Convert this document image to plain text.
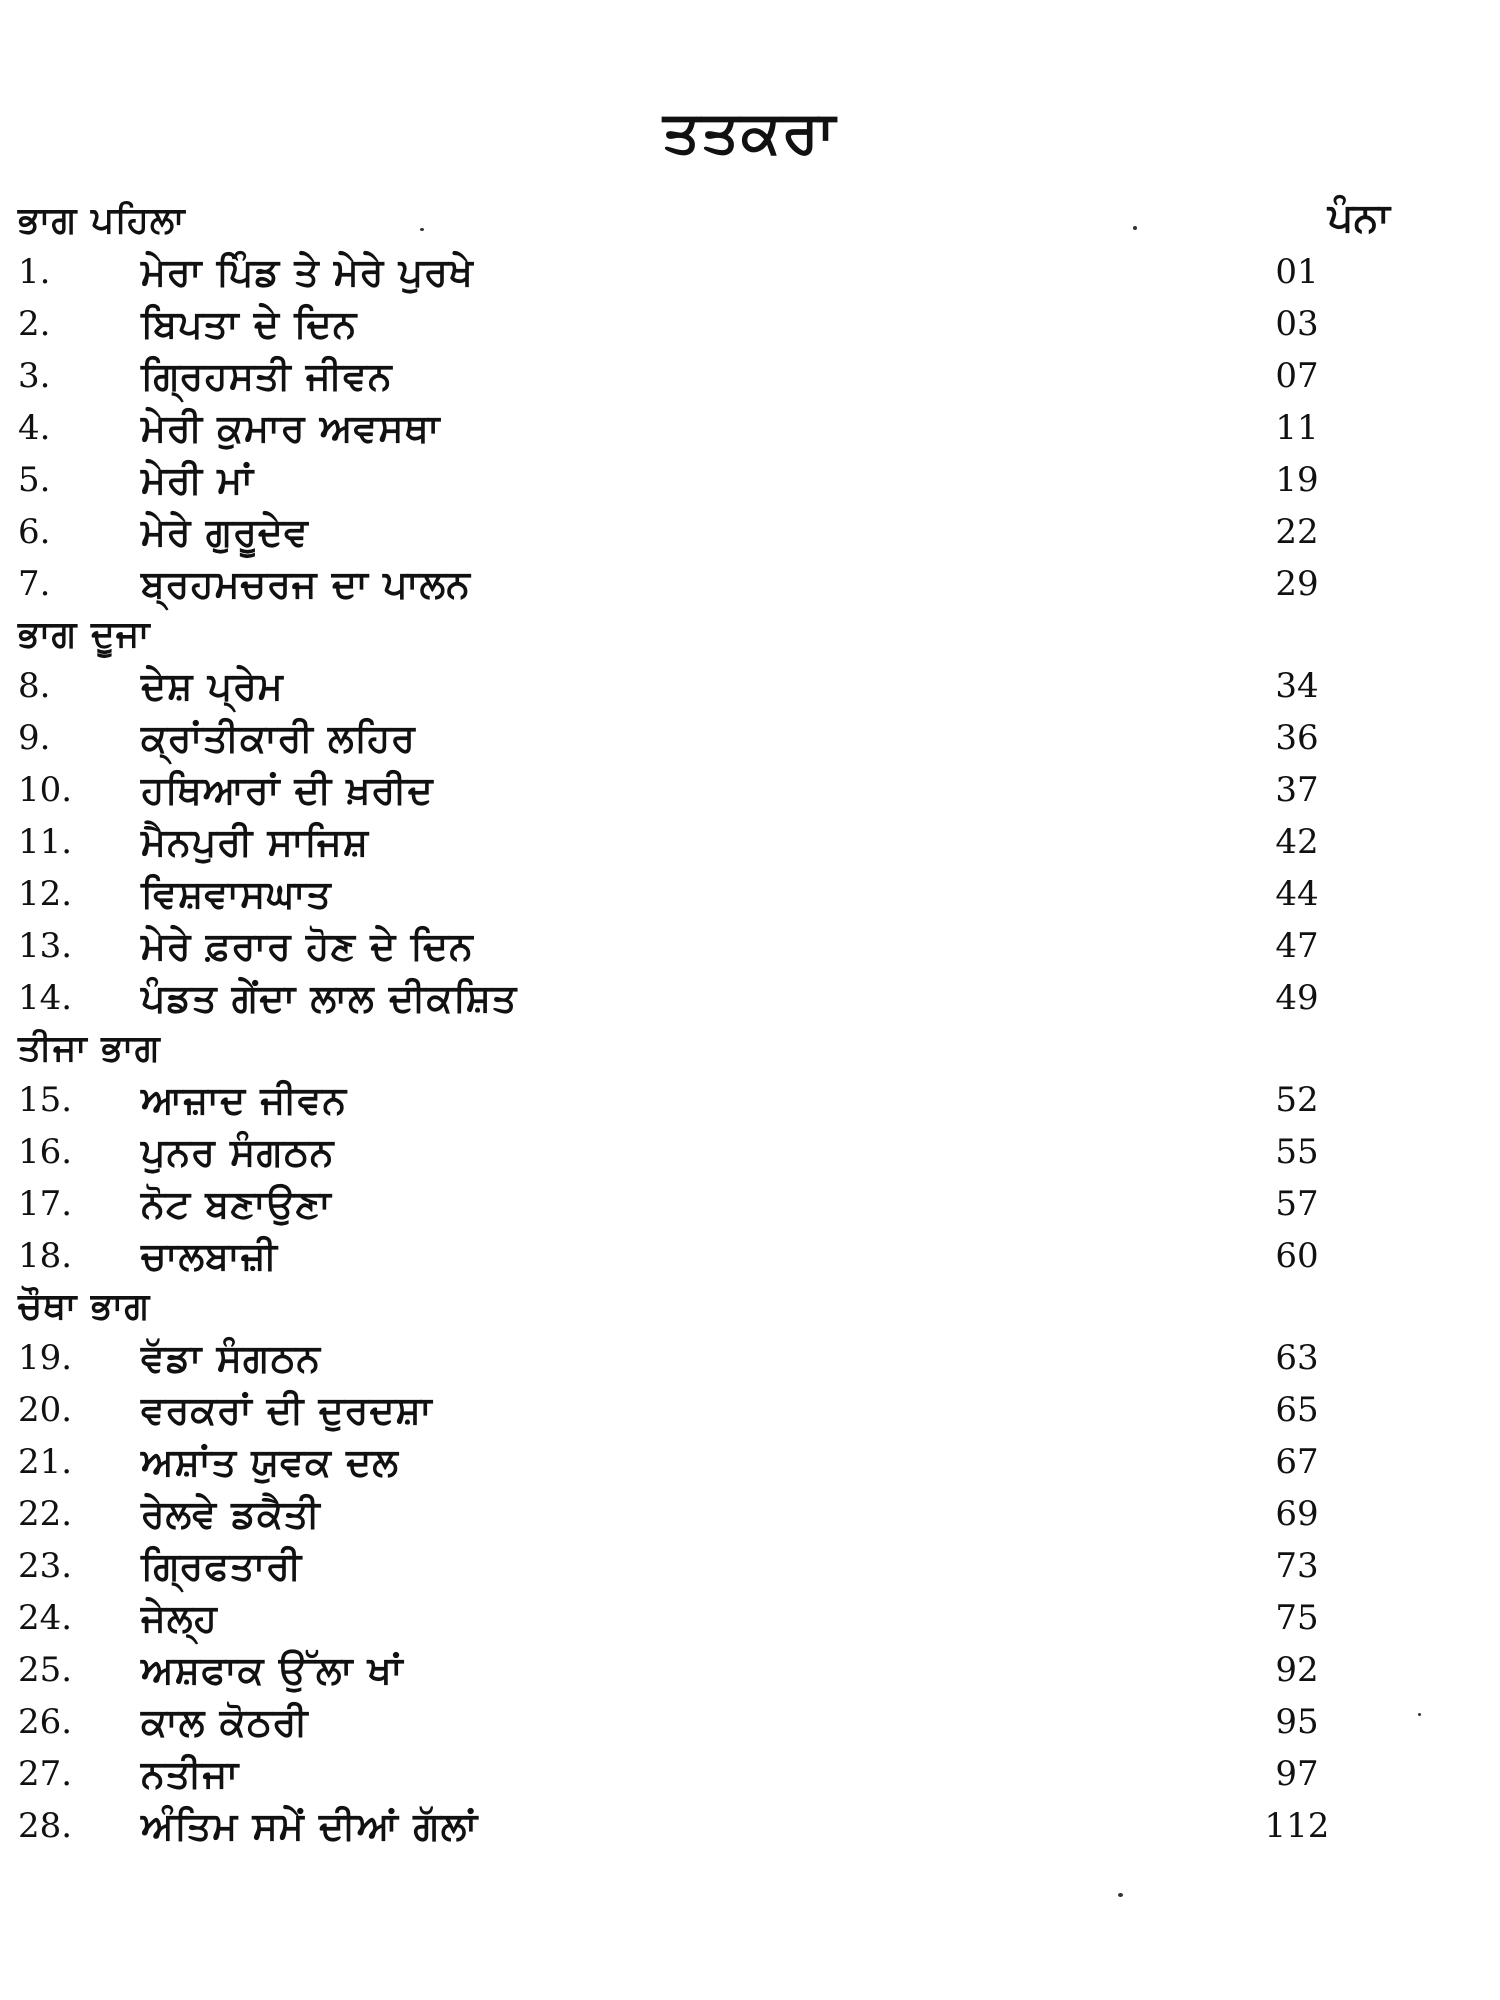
ਤਤਕਰਾ
ਪੰਨਾ
ਭਾਗ ਪਹਿਲਾ
1. ਮੇਰਾ ਪਿੰਡ ਤੇ ਮੇਰੇ ਪੁਰਖੇ	01
2. ਬਿਪਤਾ ਦੇ ਦਿਨ	03
3. ਗ੍ਰਿਹਸਤੀ ਜੀਵਨ	07
4. ਮੇਰੀ ਕੁਮਾਰ ਅਵਸਥਾ	11
5. ਮੇਰੀ ਮਾਂ	19
6. ਮੇਰੇ ਗੁਰੂਦੇਵ	22
7. ਬ੍ਰਹਮਚਰਜ ਦਾ ਪਾਲਨ	29
ਭਾਗ ਦੂਜਾ
8. ਦੇਸ਼ ਪ੍ਰੇਮ	34
9. ਕ੍ਰਾਂਤੀਕਾਰੀ ਲਹਿਰ	36
10. ਹਥਿਆਰਾਂ ਦੀ ਖ਼ਰੀਦ	37
11. ਮੈਨਪੁਰੀ ਸਾਜਿਸ਼	42
12. ਵਿਸ਼ਵਾਸਘਾਤ	44
13. ਮੇਰੇ ਫ਼ਰਾਰ ਹੋਣ ਦੇ ਦਿਨ	47
14. ਪੰਡਤ ਗੇਂਦਾ ਲਾਲ ਦੀਕਸ਼ਿਤ	49
ਤੀਜਾ ਭਾਗ
15. ਆਜ਼ਾਦ ਜੀਵਨ	52
16. ਪੁਨਰ ਸੰਗਠਨ	55
17. ਨੋਟ ਬਣਾਉਣਾ	57
18. ਚਾਲਬਾਜ਼ੀ	60
ਚੌਥਾ ਭਾਗ
19. ਵੱਡਾ ਸੰਗਠਨ	63
20. ਵਰਕਰਾਂ ਦੀ ਦੁਰਦਸ਼ਾ	65
21. ਅਸ਼ਾਂਤ ਯੁਵਕ ਦਲ	67
22. ਰੇਲਵੇ ਡਕੈਤੀ	69
23. ਗ੍ਰਿਫਤਾਰੀ	73
24. ਜੇਲ੍ਹ	75
25. ਅਸ਼ਫਾਕ ਉੱਲਾ ਖਾਂ	92
26. ਕਾਲ ਕੋਠਰੀ	95
27. ਨਤੀਜਾ	97
28. ਅੰਤਿਮ ਸਮੇਂ ਦੀਆਂ ਗੱਲਾਂ	112
